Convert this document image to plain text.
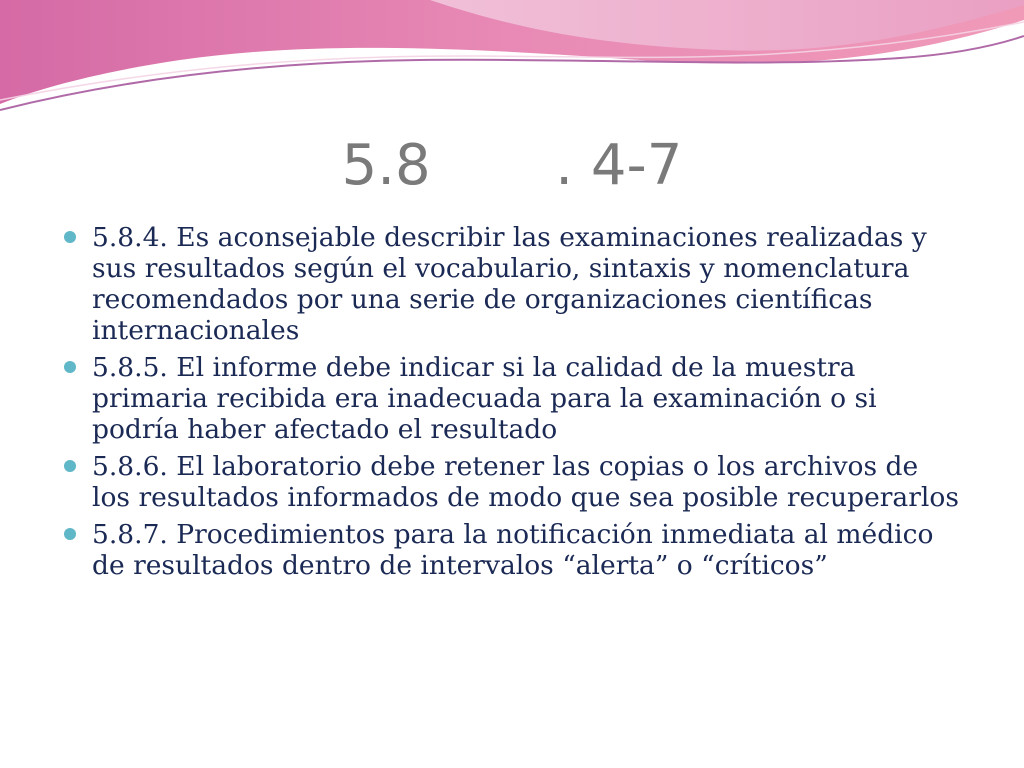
5.8       . 4-7
5.8.4. Es aconsejable describir las examinaciones realizadas y sus resultados según el vocabulario, sintaxis y nomenclatura recomendados por una serie de organizaciones científicas internacionales
5.8.5. El informe debe indicar si la calidad de la muestra primaria recibida era inadecuada para la examinación o si podría haber afectado el resultado
5.8.6. El laboratorio debe retener las copias o los archivos de los resultados informados de modo que sea posible recuperarlos
5.8.7. Procedimientos para la notificación inmediata al médico de resultados dentro de intervalos “alerta” o “críticos”
